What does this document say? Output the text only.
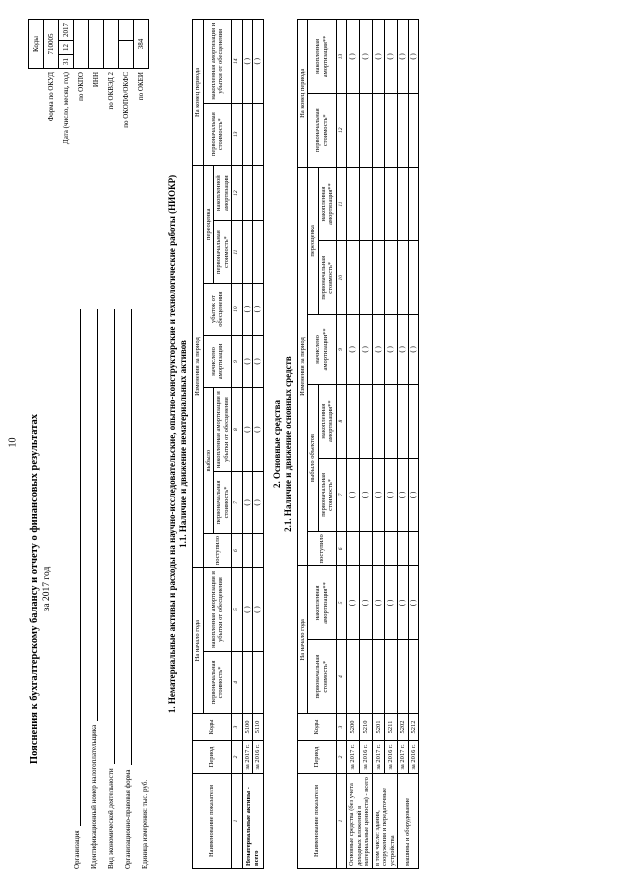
10 Пояснения к бухгалтерскому балансу и отчету о финансовых результатах за 2017 год
Организация Идентификационный номер налогоплательщика Вид экономической деятельности Организационно-правовая форма Единица измерения: тыс. руб.
	Коды		
Форма по ОКУД	710005		
Дата (число, месяц, год)	31	12	2017
по ОКПО			
ИНН			
по ОКВЭД 2			
по ОКОПФ/ОКФС			
по ОКЕИ	384		
1. Нематериальные активы и расходы на научно-исследовательские, опытно-конструкторские и технологические работы (НИОКР) 1.1. Наличие и движение нематериальных активов
Наименование показателя	Период	Коды	На начало года		Изменения за период							На конец периода	
			первоначальная стоимость*	накопленная амортизация и убытки от обесценения	поступило	выбыло		начислено амортизации	убыток от обесценения	переоценка		первоначальная стоимость*	накопленная амортизация и убытки от обесценения
						первоначальная стоимость*	накопленная амортизация и убытки от обесценения			первоначальная стоимость*	накопленной амортизации		
1	2	3	4	5	6	7	8	9	10	11	12	13	14
Нематериальные активы - всего	за 2017 г.	5100		( )		( )	( )	( )	( )				( )
	за 2016 г.	5110		( )		( )	( )	( )	( )				( )
2. Основные средства 2.1. Наличие и движение основных средств
Наименование показателя	Период	Коды	На начало года		Изменения за период						На конец периода	
			первоначальная стоимость*	накопленная амортизация**	поступило	выбыло объектов		начислено амортизации**	переоценка		первоначальная стоимость*	накопленная амортизация**
						первоначальная стоимость*	накопленная амортизация**		первоначальная стоимость*	накопленная амортизация**		
1	2	3	4	5	6	7	8	9	10	11	12	13
Основные средства (без учета доходных вложений в материальные ценности) - всего	за 2017 г.	5200		( )		( )		( )				( )
	за 2016 г.	5210		( )		( )		( )				( )
в том числе: здания, сооружения и передаточные устройства	за 2017 г.	5201		( )		( )		( )				( )
	за 2016 г.	5211		( )		( )		( )				( )
машины и оборудование	за 2017 г.	5202		( )		( )		( )				( )
	за 2016 г.	5212		( )		( )		( )				( )
